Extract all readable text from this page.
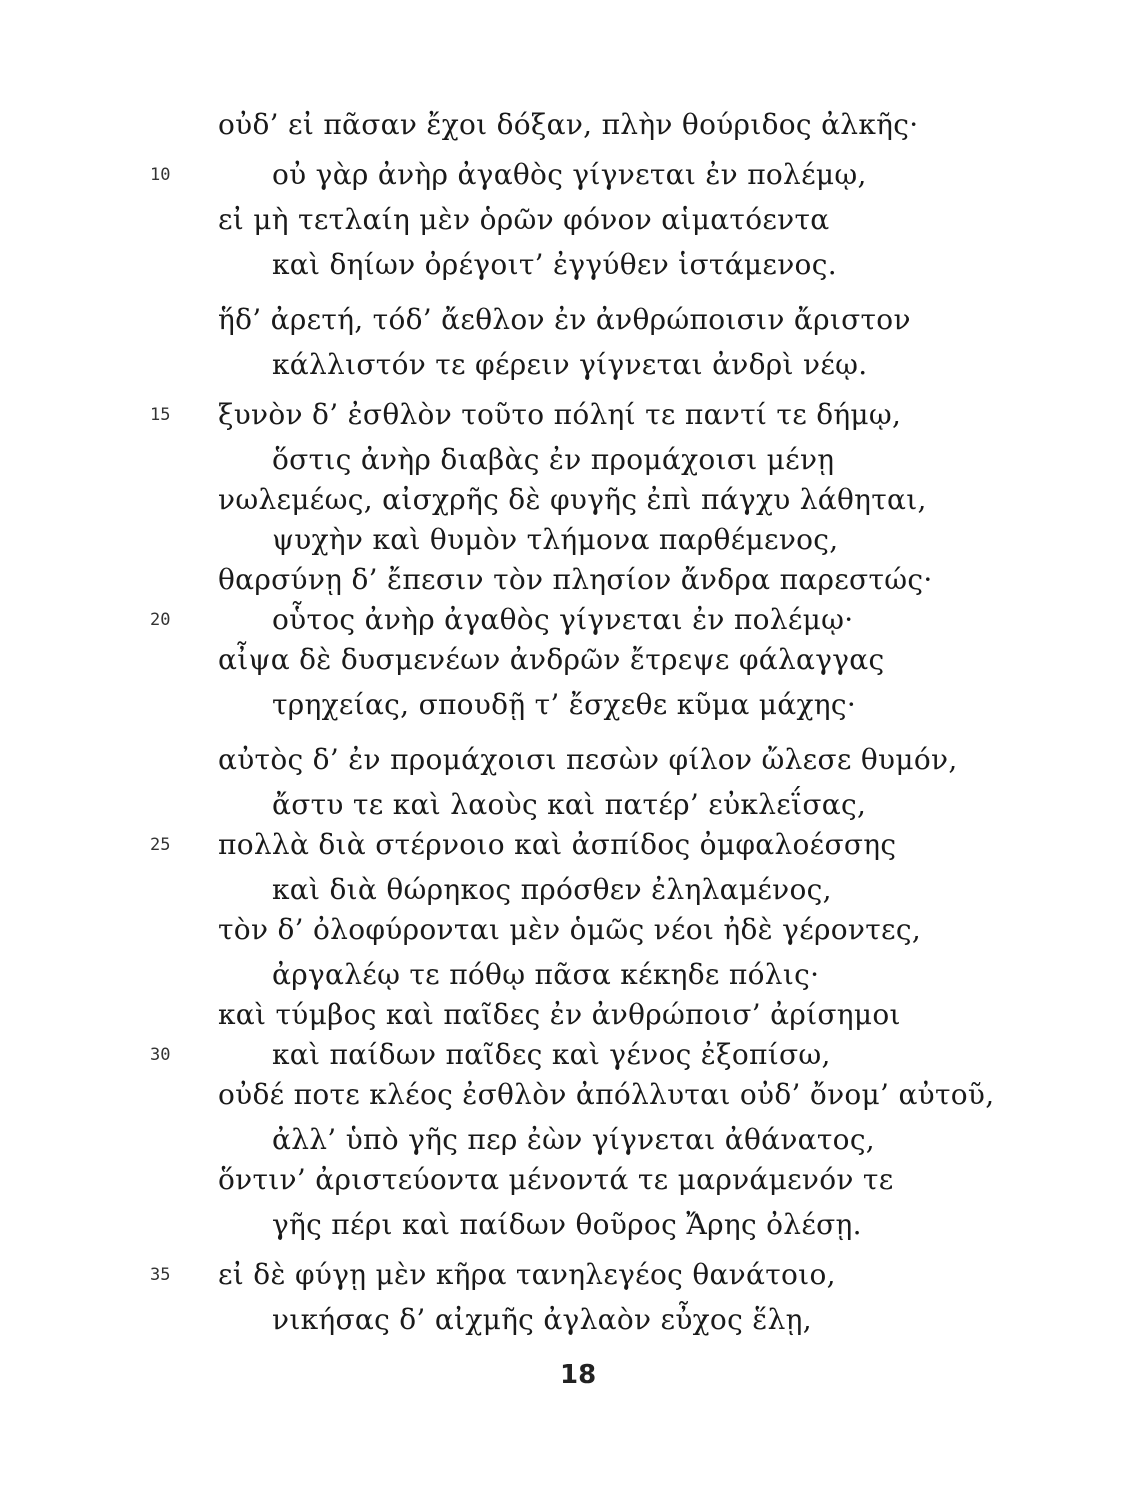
οὐδ’ εἰ πᾶσαν ἔχοι δόξαν, πλὴν θούριδος ἀλκῆς·
10	οὐ γὰρ ἀνὴρ ἀγαθὸς γίγνεται ἐν πολέμῳ,
εἰ μὴ τετλαίη μὲν ὁρῶν φόνον αἱματόεντα
καὶ δηίων ὀρέγοιτ’ ἐγγύθεν ἱστάμενος.
ἥδ’ ἀρετή, τόδ’ ἄεθλον ἐν ἀνθρώποισιν ἄριστον
κάλλιστόν τε φέρειν γίγνεται ἀνδρὶ νέῳ.
15 ξυνὸν δ’ ἐσθλὸν τοῦτο πόληί τε παντί τε δήμῳ,
ὅστις ἀνὴρ διαβὰς ἐν προμάχοισι μένῃ
νωλεμέως, αἰσχρῆς δὲ φυγῆς ἐπὶ πάγχυ λάθηται,
ψυχὴν καὶ θυμὸν τλήμονα παρθέμενος,
θαρσύνῃ δ’ ἔπεσιν τὸν πλησίον ἄνδρα παρεστώς·
20	οὗτος ἀνὴρ ἀγαθὸς γίγνεται ἐν πολέμῳ·
αἶψα δὲ δυσμενέων ἀνδρῶν ἔτρεψε φάλαγγας
τρηχείας, σπουδῇ τ’ ἔσχεθε κῦμα μάχης·
αὐτὸς δ’ ἐν προμάχοισι πεσὼν φίλον ὤλεσε θυμόν,
ἄστυ τε καὶ λαοὺς καὶ πατέρ’ εὐκλεΐσας,
25 πολλὰ διὰ στέρνοιο καὶ ἀσπίδος ὀμφαλοέσσης
καὶ διὰ θώρηκος πρόσθεν ἐληλαμένος,
τὸν δ’ ὀλοφύρονται μὲν ὁμῶς νέοι ἠδὲ γέροντες,
ἀργαλέῳ τε πόθῳ πᾶσα κέκηδε πόλις·
καὶ τύμβος καὶ παῖδες ἐν ἀνθρώποισ’ ἀρίσημοι
30	καὶ παίδων παῖδες καὶ γένος ἐξοπίσω,
οὐδέ ποτε κλέος ἐσθλὸν ἀπόλλυται οὐδ’ ὄνομ’ αὐτοῦ,
ἀλλ’ ὑπὸ γῆς περ ἐὼν γίγνεται ἀθάνατος,
ὅντιν’ ἀριστεύοντα μένοντά τε μαρνάμενόν τε
γῆς πέρι καὶ παίδων θοῦρος Ἄρης ὀλέσῃ.
35 εἰ δὲ φύγῃ μὲν κῆρα τανηλεγέος θανάτοιο,
νικήσας δ’ αἰχμῆς ἀγλαὸν εὖχος ἕλῃ,
18
